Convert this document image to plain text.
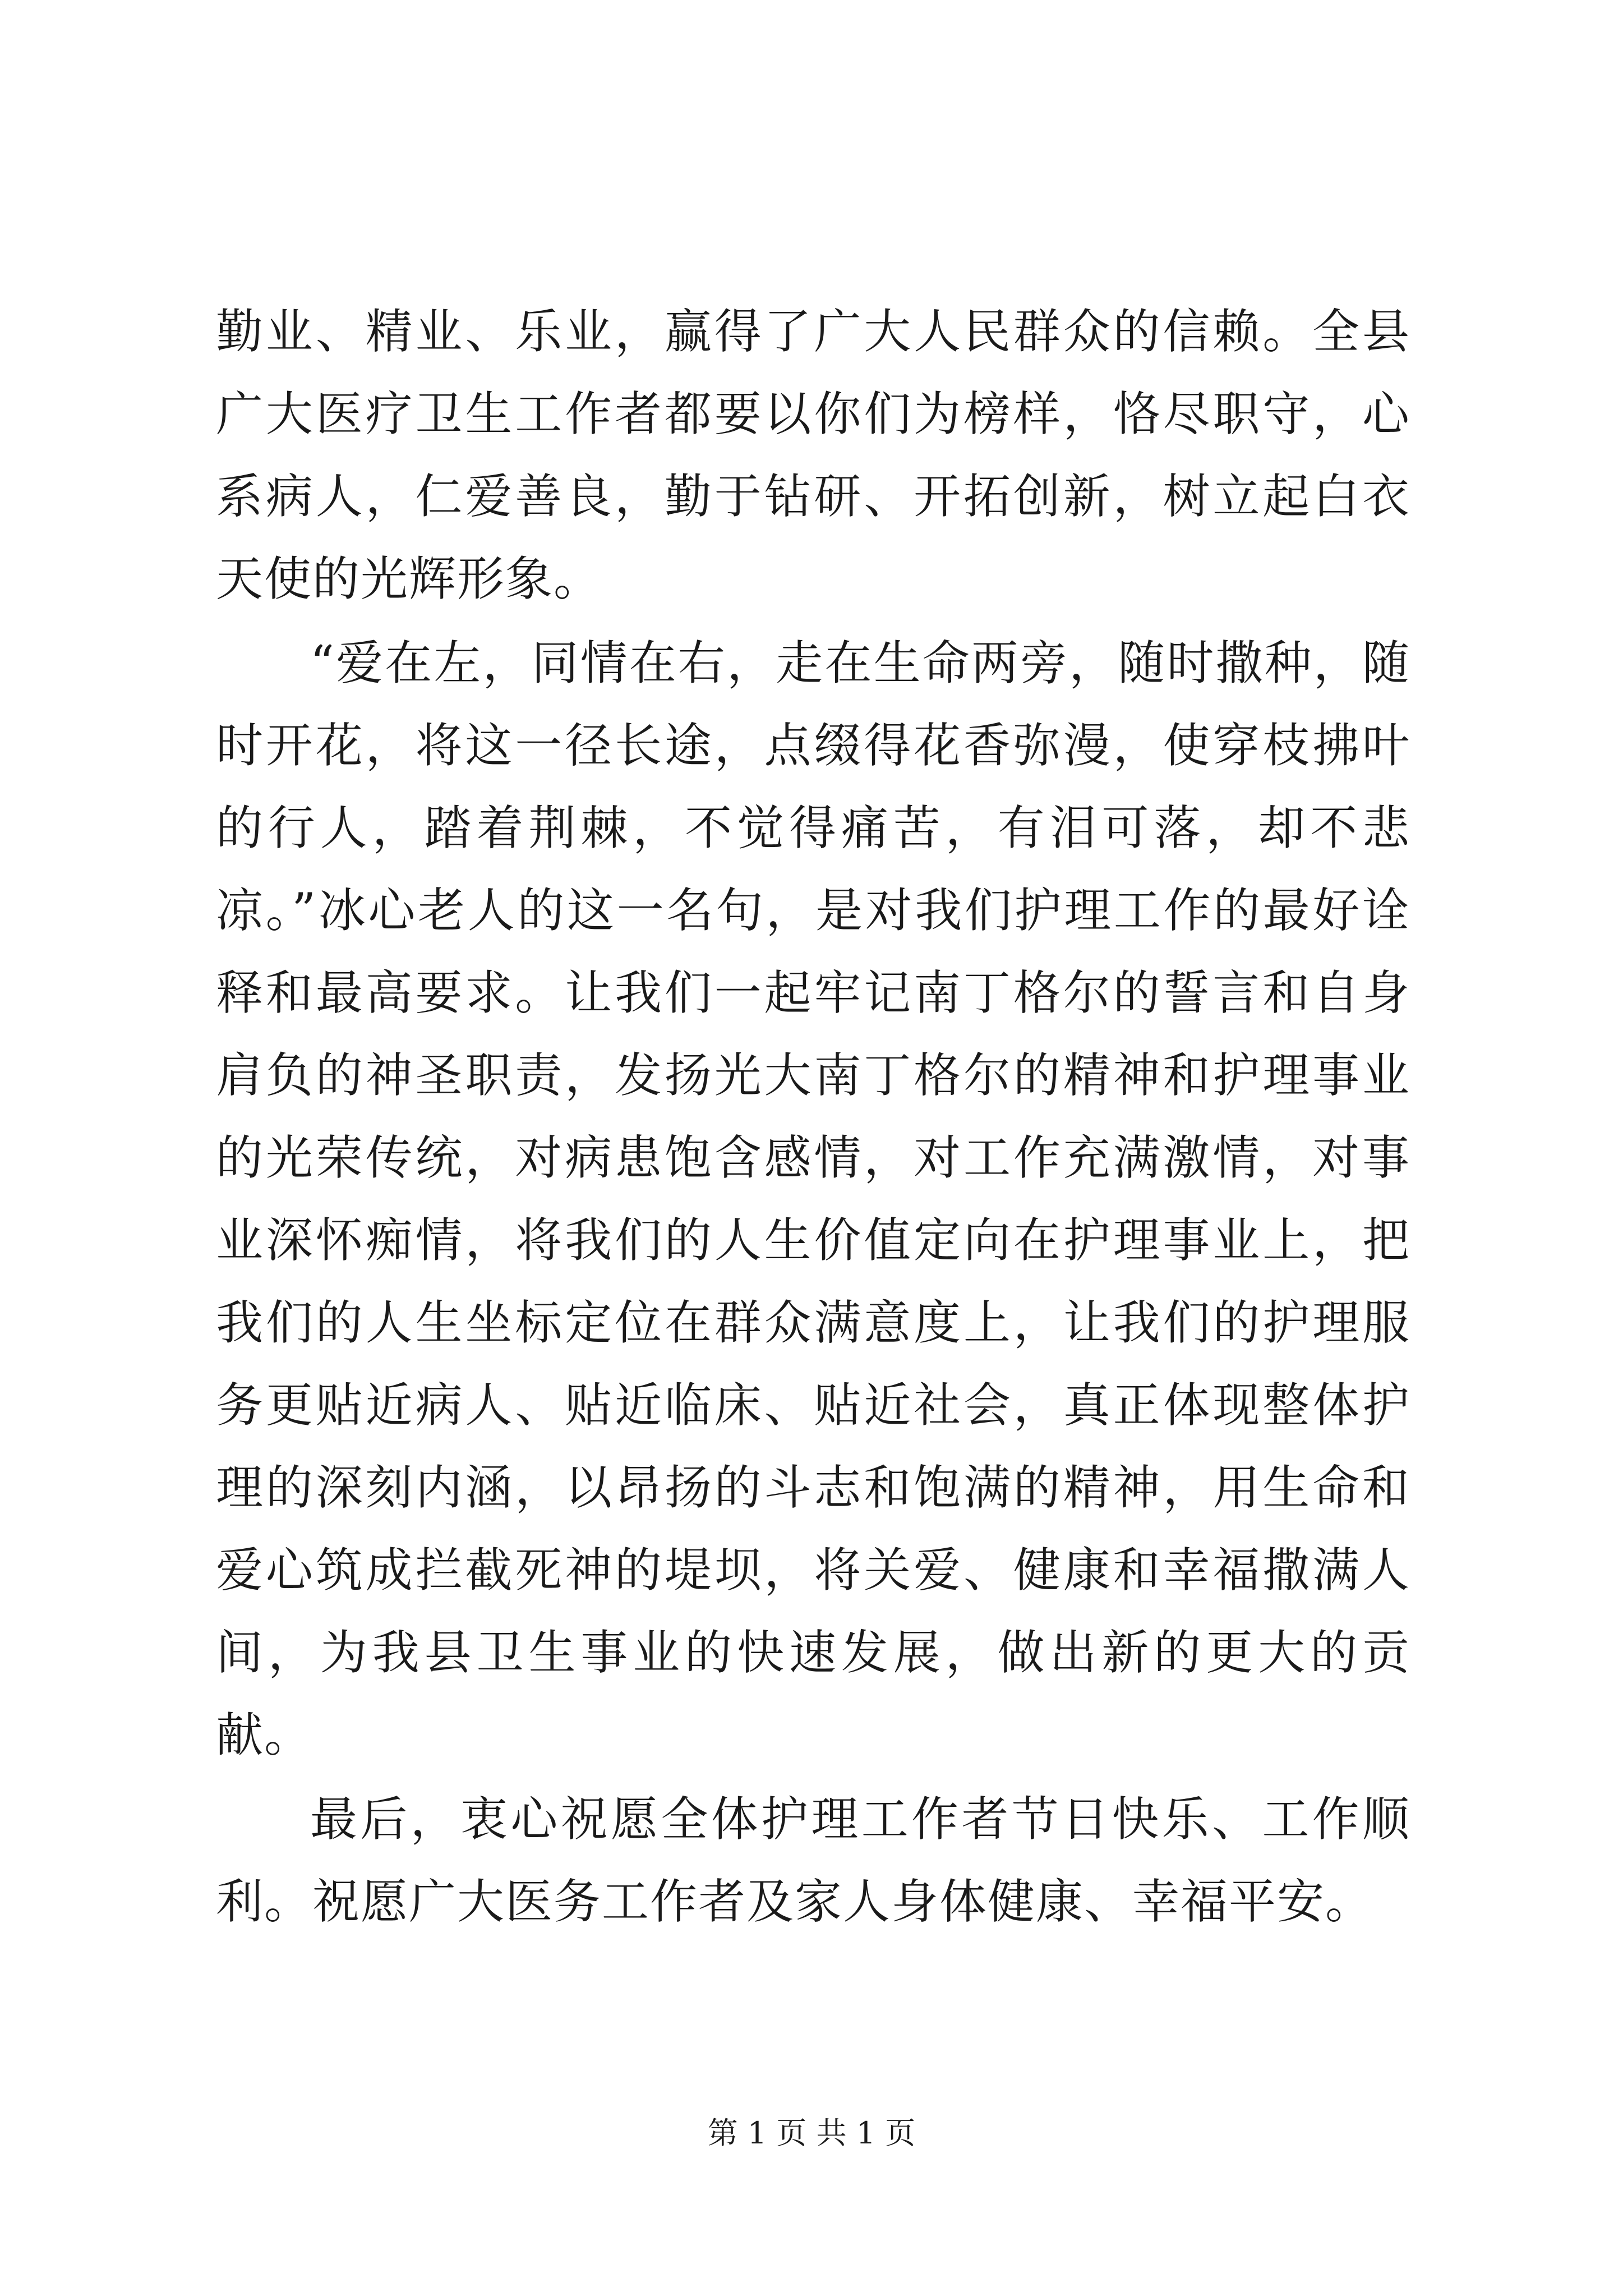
勤业、精业、乐业，赢得了广大人民群众的信赖。全县广大医疗卫生工作者都要以你们为榜样，恪尽职守，心系病人，仁爱善良，勤于钻研、开拓创新，树立起白衣天使的光辉形象。

“爱在左，同情在右，走在生命两旁，随时撒种，随时开花，将这一径长途，点缀得花香弥漫，使穿枝拂叶的行人，踏着荆棘，不觉得痛苦，有泪可落，却不悲凉。”冰心老人的这一名句，是对我们护理工作的最好诠释和最高要求。让我们一起牢记南丁格尔的誓言和自身肩负的神圣职责，发扬光大南丁格尔的精神和护理事业的光荣传统，对病患饱含感情，对工作充满激情，对事业深怀痴情，将我们的人生价值定向在护理事业上，把我们的人生坐标定位在群众满意度上，让我们的护理服务更贴近病人、贴近临床、贴近社会，真正体现整体护理的深刻内涵，以昂扬的斗志和饱满的精神，用生命和爱心筑成拦截死神的堤坝，将关爱、健康和幸福撒满人间，为我县卫生事业的快速发展，做出新的更大的贡献。

最后，衷心祝愿全体护理工作者节日快乐、工作顺利。祝愿广大医务工作者及家人身体健康、幸福平安。

第 1 页 共 1 页
